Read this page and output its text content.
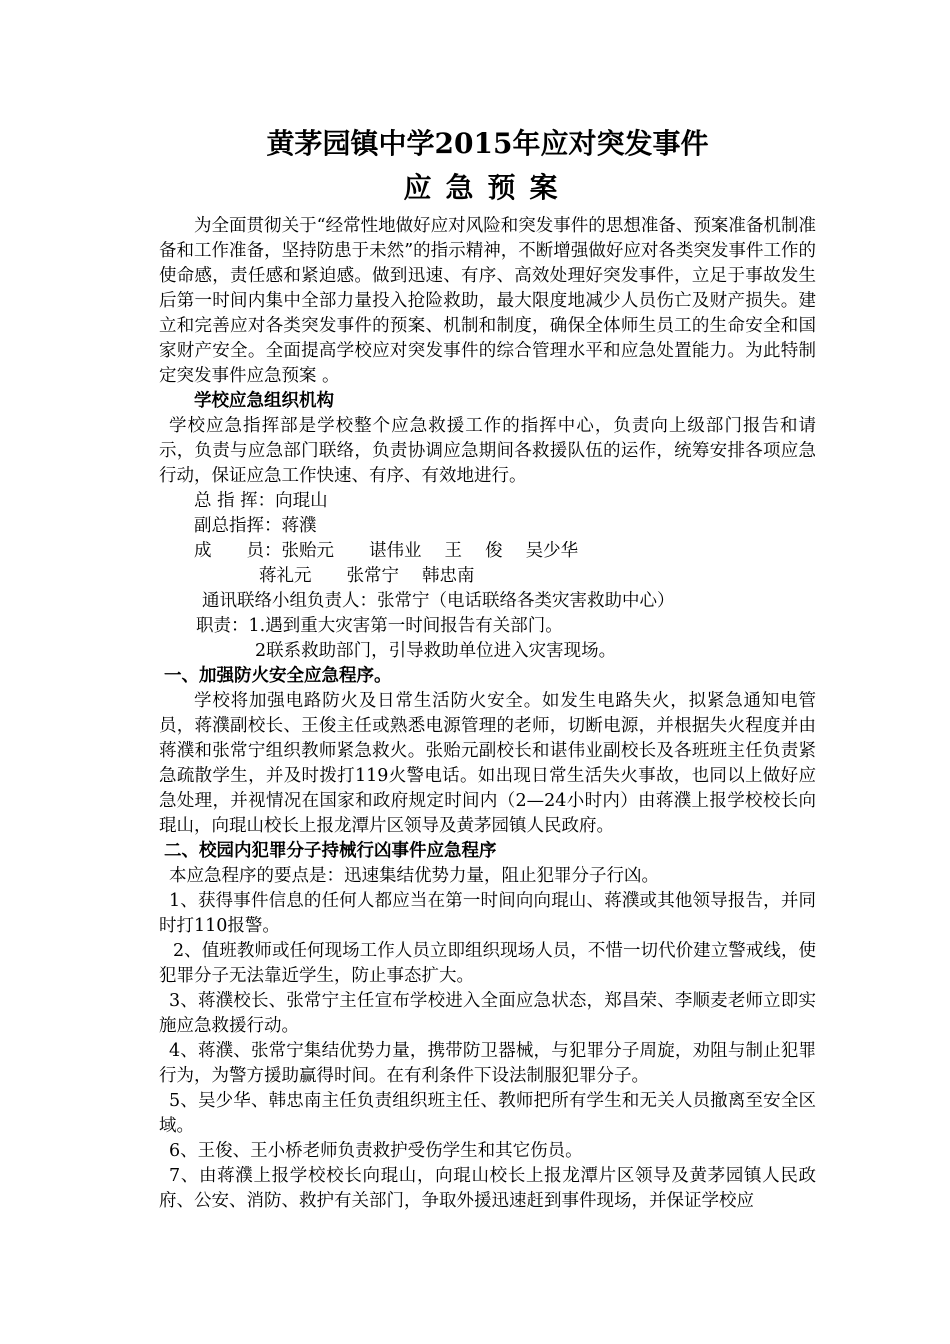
黄茅园镇中学2015年应对突发事件
应急预案

为全面贯彻关于“经常性地做好应对风险和突发事件的思想准备、预案准备机制准备和工作准备，坚持防患于未然”的指示精神，不断增强做好应对各类突发事件工作的使命感，责任感和紧迫感。做到迅速、有序、高效处理好突发事件，立足于事故发生后第一时间内集中全部力量投入抢险救助，最大限度地减少人员伤亡及财产损失。建立和完善应对各类突发事件的预案、机制和制度，确保全体师生员工的生命安全和国家财产安全。全面提高学校应对突发事件的综合管理水平和应急处置能力。为此特制定突发事件应急预案 。

学校应急组织机构

学校应急指挥部是学校整个应急救援工作的指挥中心，负责向上级部门报告和请示，负责与应急部门联络，负责协调应急期间各救援队伍的运作，统筹安排各项应急行动，保证应急工作快速、有序、有效地进行。

总 指 挥：向琨山

副总指挥：蒋濮

成　　员：张贻元　　谌伟业　 王　 俊　 吴少华

蒋礼元　　张常宁　 韩忠南

通讯联络小组负责人：张常宁（电话联络各类灾害救助中心）

职责：1.遇到重大灾害第一时间报告有关部门。

2联系救助部门，引导救助单位进入灾害现场。

一、加强防火安全应急程序。

学校将加强电路防火及日常生活防火安全。如发生电路失火，拟紧急通知电管员，蒋濮副校长、王俊主任或熟悉电源管理的老师，切断电源，并根据失火程度并由蒋濮和张常宁组织教师紧急救火。张贻元副校长和谌伟业副校长及各班班主任负责紧急疏散学生，并及时拨打119火警电话。如出现日常生活失火事故，也同以上做好应急处理，并视情况在国家和政府规定时间内（2—24小时内）由蒋濮上报学校校长向琨山，向琨山校长上报龙潭片区领导及黄茅园镇人民政府。

二、校园内犯罪分子持械行凶事件应急程序

本应急程序的要点是：迅速集结优势力量，阻止犯罪分子行凶。

1、获得事件信息的任何人都应当在第一时间向向琨山、蒋濮或其他领导报告，并同时打110报警。

2、值班教师或任何现场工作人员立即组织现场人员，不惜一切代价建立警戒线，使犯罪分子无法靠近学生，防止事态扩大。

3、蒋濮校长、张常宁主任宣布学校进入全面应急状态，郑昌荣、李顺麦老师立即实施应急救援行动。

4、蒋濮、张常宁集结优势力量，携带防卫器械，与犯罪分子周旋，劝阻与制止犯罪行为，为警方援助赢得时间。在有利条件下设法制服犯罪分子。

5、吴少华、韩忠南主任负责组织班主任、教师把所有学生和无关人员撤离至安全区域。

6、王俊、王小桥老师负责救护受伤学生和其它伤员。

7、由蒋濮上报学校校长向琨山，向琨山校长上报龙潭片区领导及黄茅园镇人民政府、公安、消防、救护有关部门，争取外援迅速赶到事件现场，并保证学校应
